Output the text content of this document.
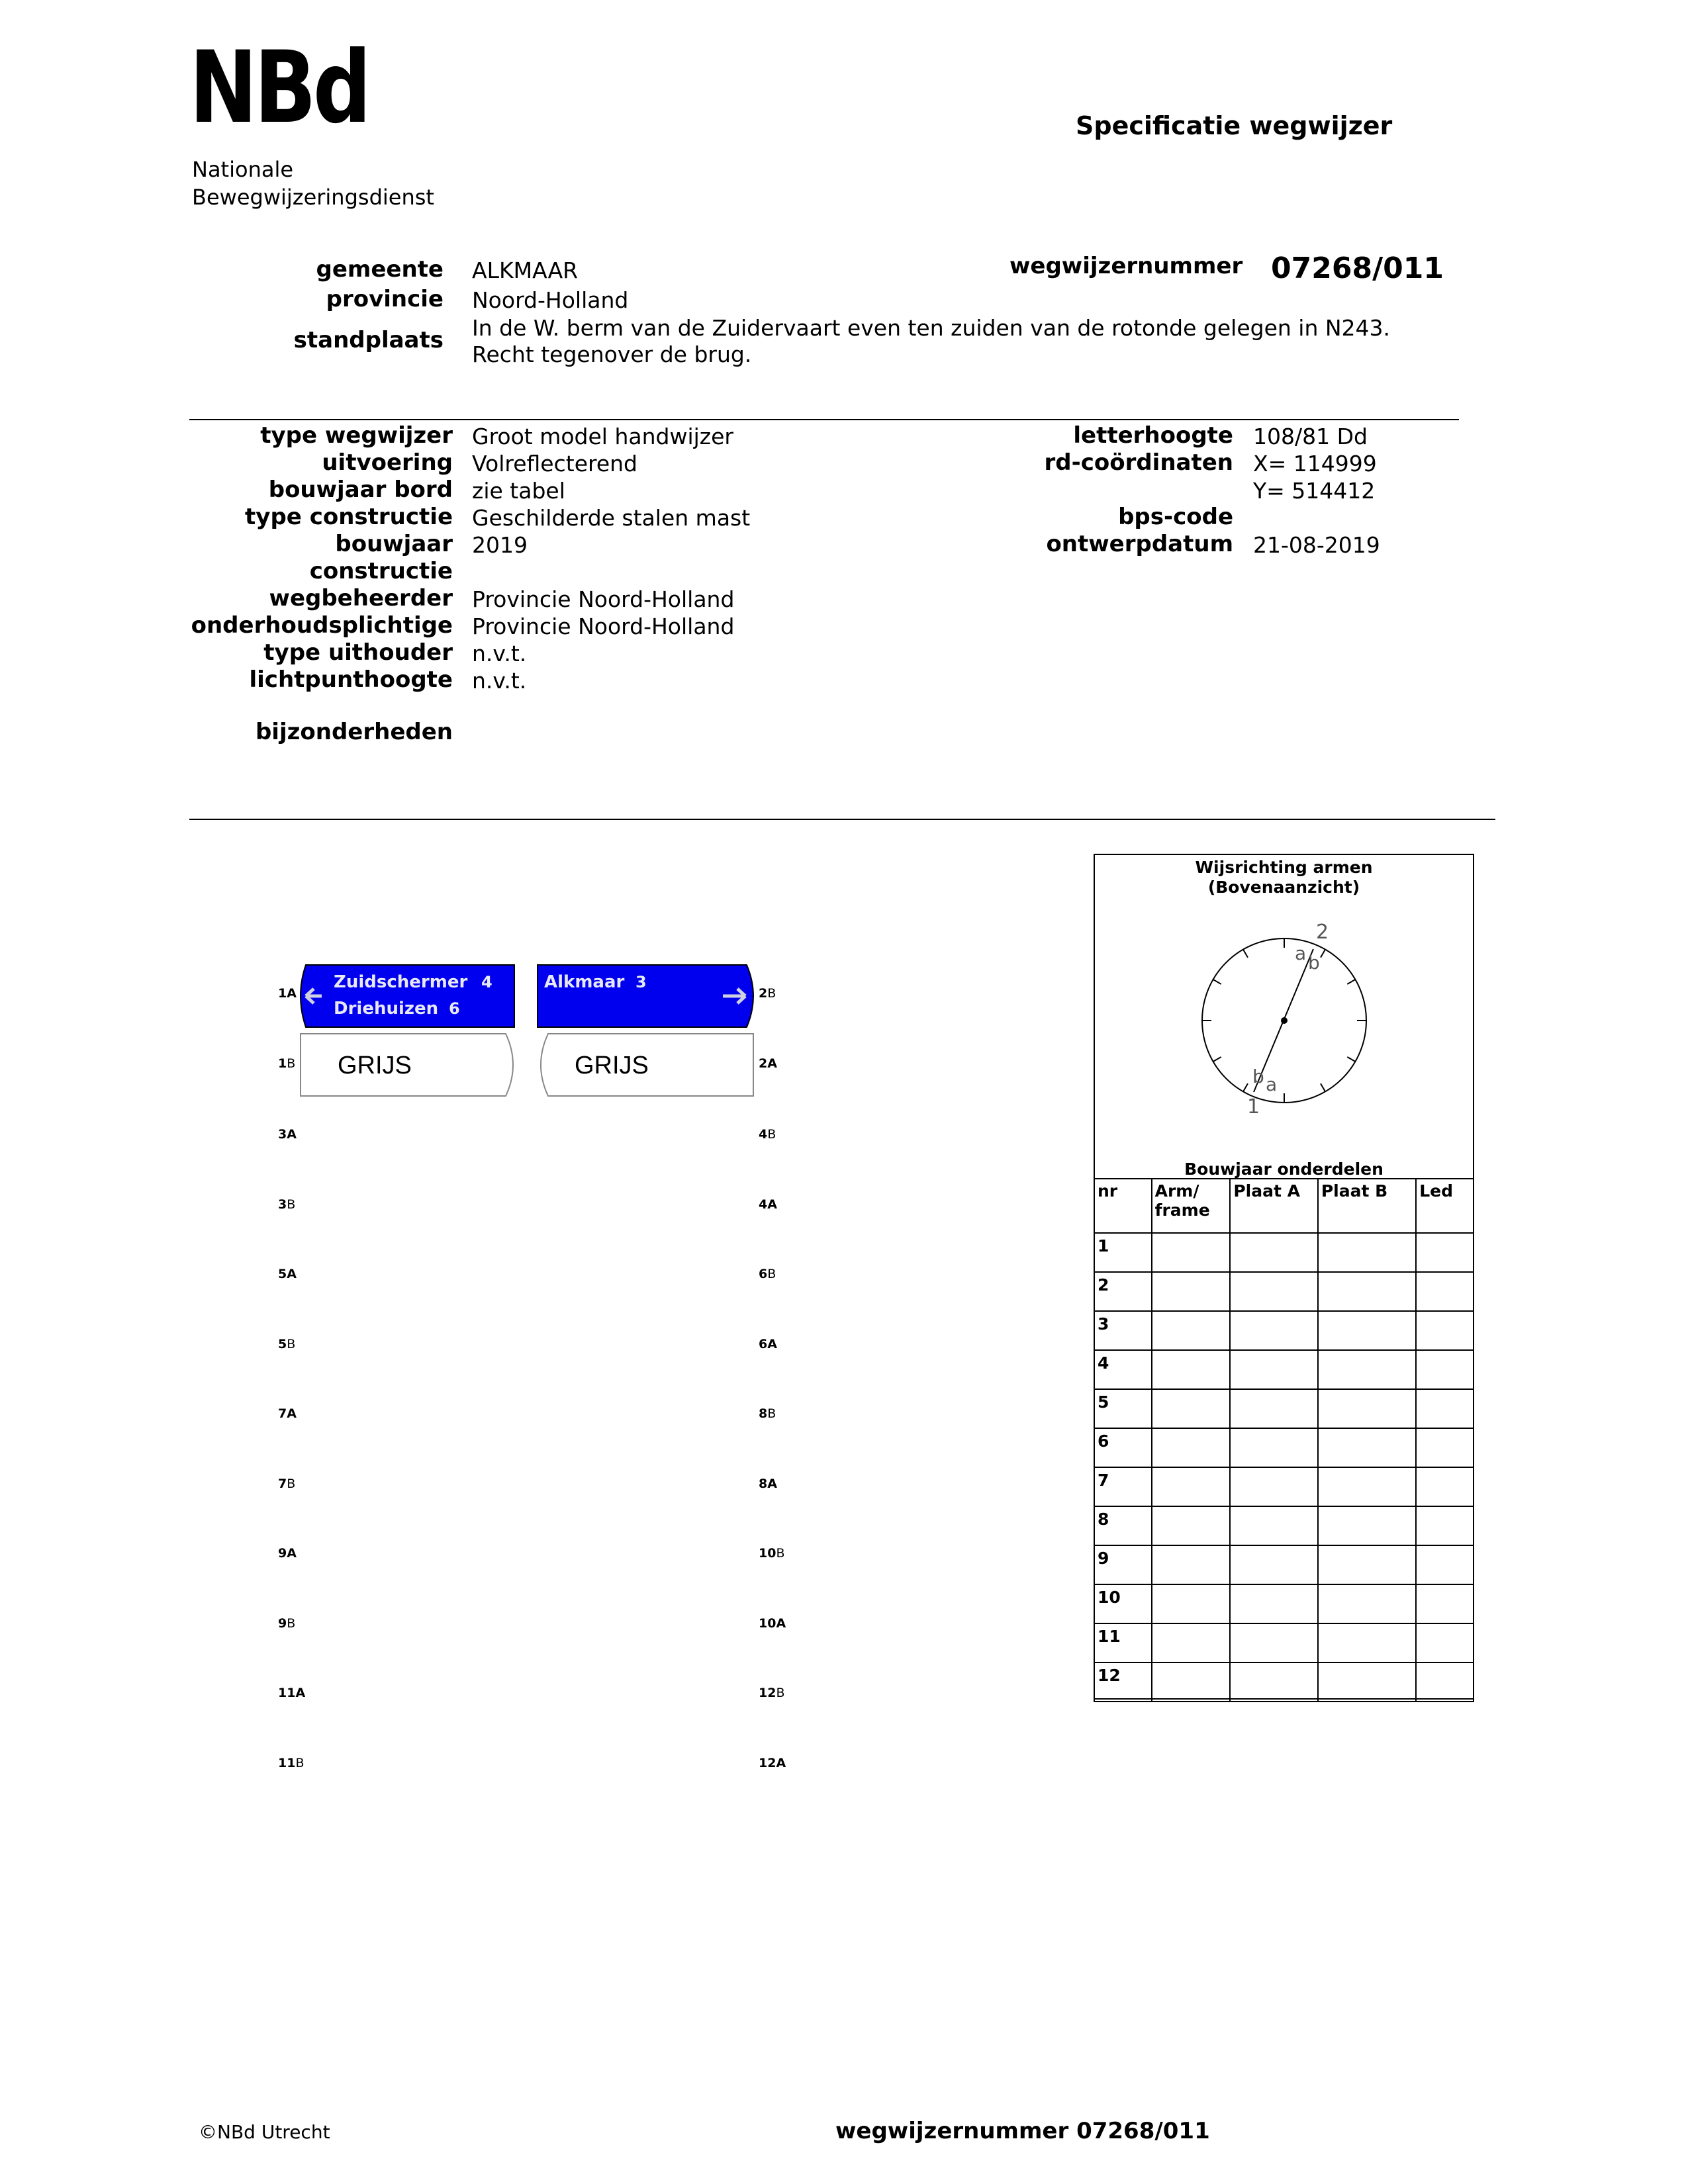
NBd
Nationale
Bewegwijzeringsdienst
Specificatie wegwijzer
gemeente ALKMAAR
provincie Noord-Holland
standplaats In de W. berm van de Zuidervaart even ten zuiden van de rotonde gelegen in N243.
Recht tegenover de brug.
wegwijzernummer 07268/011
type wegwijzer Groot model handwijzer
uitvoering Volreflecterend
bouwjaar bord zie tabel
type constructie Geschilderde stalen mast
bouwjaar 2019
constructie
wegbeheerder Provincie Noord-Holland
onderhoudsplichtige Provincie Noord-Holland
type uithouder n.v.t.
lichtpunthoogte n.v.t.
letterhoogte 108/81 Dd
rd-coördinaten X= 114999
Y= 514412
bps-code
ontwerpdatum 21-08-2019
bijzonderheden
Zuidschermer 4
Driehuizen 6
Alkmaar 3
GRIJS	GRIJS
1A
1B
3A
3B
5A
5B
7A
7B
9A
9B
11A
11B
2B
2A
4B
4A
6B
6A
8B
8A
10B
10A
12B
12A
Wijsrichting armen
(Bovenaanzicht)
2
1
a b
b a
Bouwjaar onderdelen
nr	Arm/ frame	Plaat A	Plaat B	Led
1				
2				
3				
4				
5				
6				
7				
8				
9				
10				
11				
12				
©NBd Utrecht	wegwijzernummer 07268/011
